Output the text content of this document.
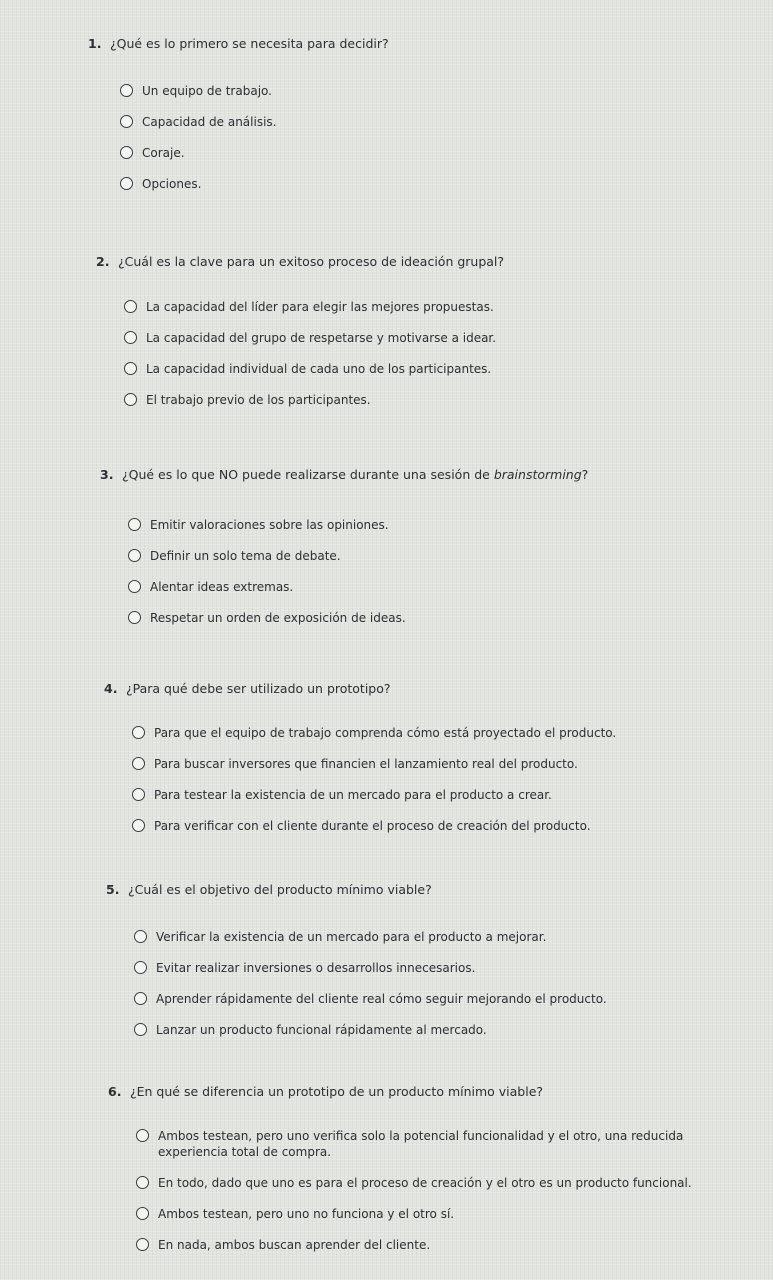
1. ¿Qué es lo primero se necesita para decidir?
Un equipo de trabajo.
Capacidad de análisis.
Coraje.
Opciones.
2. ¿Cuál es la clave para un exitoso proceso de ideación grupal?
La capacidad del líder para elegir las mejores propuestas.
La capacidad del grupo de respetarse y motivarse a idear.
La capacidad individual de cada uno de los participantes.
El trabajo previo de los participantes.
3. ¿Qué es lo que NO puede realizarse durante una sesión de brainstorming?
Emitir valoraciones sobre las opiniones.
Definir un solo tema de debate.
Alentar ideas extremas.
Respetar un orden de exposición de ideas.
4. ¿Para qué debe ser utilizado un prototipo?
Para que el equipo de trabajo comprenda cómo está proyectado el producto.
Para buscar inversores que financien el lanzamiento real del producto.
Para testear la existencia de un mercado para el producto a crear.
Para verificar con el cliente durante el proceso de creación del producto.
5. ¿Cuál es el objetivo del producto mínimo viable?
Verificar la existencia de un mercado para el producto a mejorar.
Evitar realizar inversiones o desarrollos innecesarios.
Aprender rápidamente del cliente real cómo seguir mejorando el producto.
Lanzar un producto funcional rápidamente al mercado.
6. ¿En qué se diferencia un prototipo de un producto mínimo viable?
Ambos testean, pero uno verifica solo la potencial funcionalidad y el otro, una reducida experiencia total de compra.
En todo, dado que uno es para el proceso de creación y el otro es un producto funcional.
Ambos testean, pero uno no funciona y el otro sí.
En nada, ambos buscan aprender del cliente.
